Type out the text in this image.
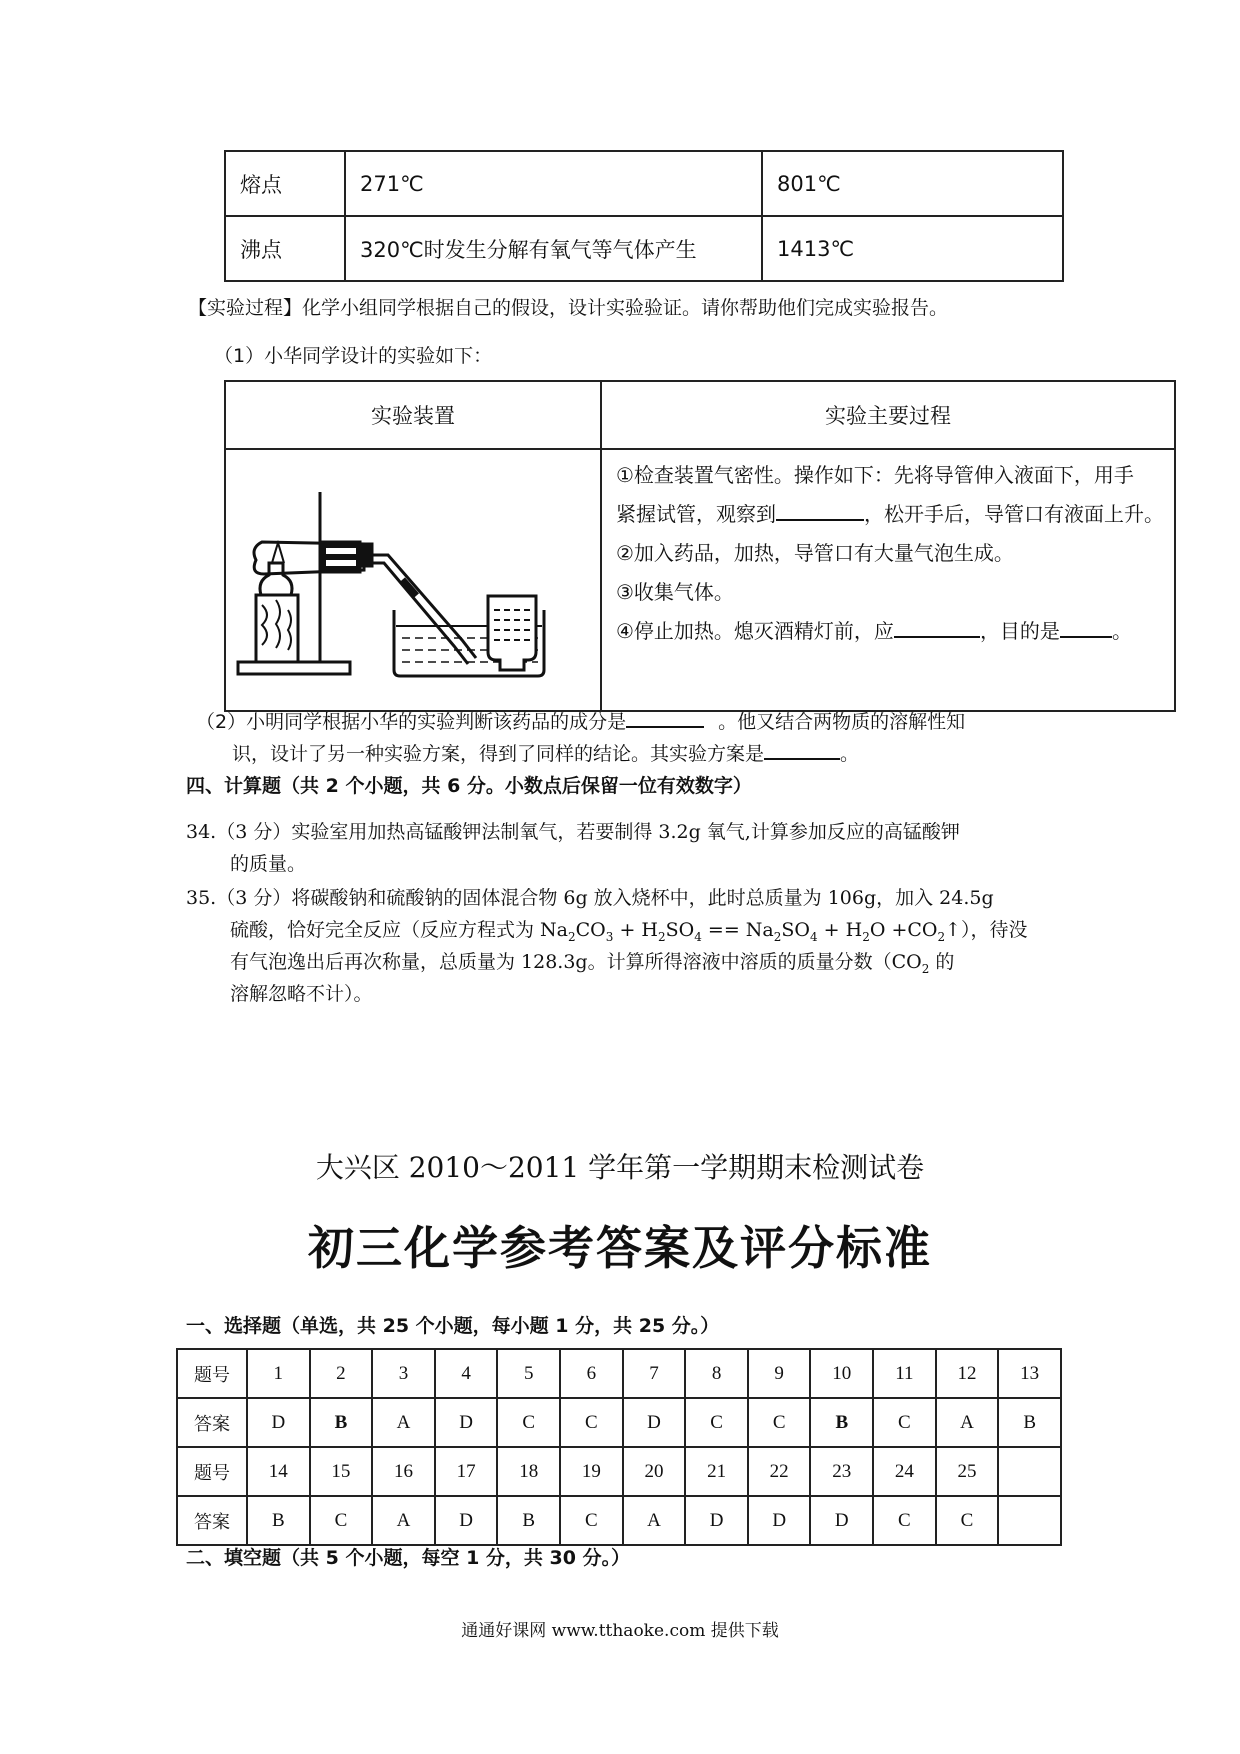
熔点	271℃	801℃
沸点	320℃时发生分解有氧气等气体产生	1413℃
【实验过程】化学小组同学根据自己的假设，设计实验验证。请你帮助他们完成实验报告。
（1）小华同学设计的实验如下：
实验装置	实验主要过程

①检查装置气密性。操作如下：先将导管伸入液面下，用手
紧握试管，观察到 ，松开手后，导管口有液面上升。
②加入药品，加热，导管口有大量气泡生成。
③收集气体。
④停止加热。熄灭酒精灯前，应 ，目的是 。
（2）小明同学根据小华的实验判断该药品的成分是	。他又结合两物质的溶解性知
识，设计了另一种实验方案，得到了同样的结论。其实验方案是	。
四、计算题（共 2 个小题，共 6 分。小数点后保留一位有效数字）
34.（3 分）实验室用加热高锰酸钾法制氧气，若要制得 3.2g 氧气,计算参加反应的高锰酸钾
的质量。
35.（3 分）将碳酸钠和硫酸钠的固体混合物 6g 放入烧杯中，此时总质量为 106g，加入 24.5g
硫酸，恰好完全反应（反应方程式为 $Na_2CO_3 + H_2SO_4 == Na_2SO_4 + H_2O$ $+CO_2↑$），待没
有气泡逸出后再次称量，总质量为 128.3g。计算所得溶液中溶质的质量分数（$CO_2$ 的
溶解忽略不计）。
大兴区 2010～2011 学年第一学期期末检测试卷
初三化学参考答案及评分标准
一、选择题（单选，共 25 个小题，每小题 1 分，共 25 分。）
题号	1	2	3	4	5	6	7	8	9	10	11	12	13
答案	D	B	A	D	C	C	D	C	C	B	C	A	B
题号	14	15	16	17	18	19	20	21	22	23	24	25	
答案	B	C	A	D	B	C	A	D	D	D	C	C	
二、填空题（共 5 个小题，每空 1 分，共 30 分。）
通通好课网 www.tthaoke.com 提供下载
